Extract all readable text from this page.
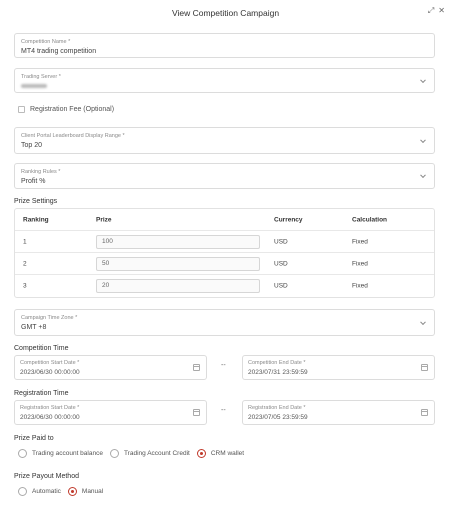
View Competition Campaign	⤢ ✕
Competition Name *
MT4 trading competition
Trading Server *
Registration Fee (Optional)
Client Portal Leaderboard Display Range *
Top 20
Ranking Rules *
Profit %
Prize Settings
Ranking	Prize	Currency	Calculation
1	100	USD	Fixed
2	50	USD	Fixed
3	20	USD	Fixed
Campaign Time Zone *
GMT +8
Competition Time
Competition Start Date *
2023/06/30 00:00:00
--	Competition End Date *
2023/07/31 23:59:59
Registration Time
Registration Start Date *
2023/06/30 00:00:00
--	Registration End Date *
2023/07/05 23:59:59
Prize Paid to
Trading account balance	Trading Account Credit	CRM wallet
Prize Payout Method
Automatic	Manual
